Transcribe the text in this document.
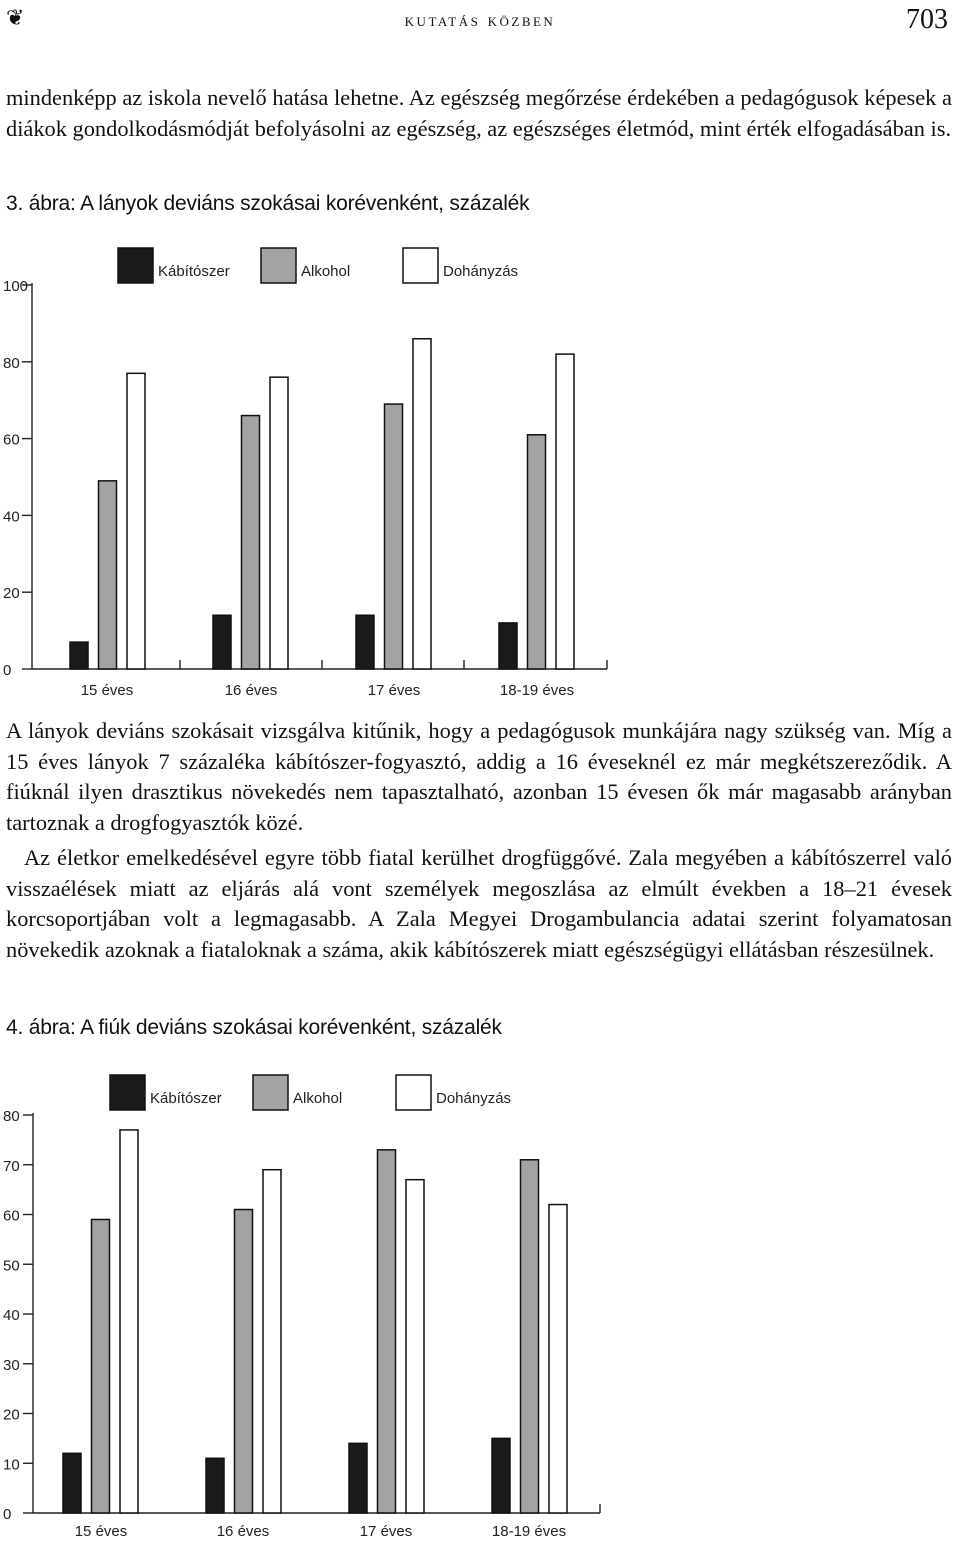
❦	kutatás közben	703

mindenképp az iskola nevelő hatása lehetne. Az egészség megőrzése érdekében a pedagógusok képesek a diákok gondolkodásmódját befolyásolni az egészség, az egészséges életmód, mint érték elfogadásában is.

3. ábra: A lányok deviáns szokásai korévenként, százalék
0
20
40
60
80
100
15 éves	16 éves	17 éves	18-19 éves
Kábítószer	Alkohol	Dohányzás

A lányok deviáns szokásait vizsgálva kitűnik, hogy a pedagógusok munkájára nagy szükség van. Míg a 15 éves lányok 7 százaléka kábítószer-fogyasztó, addig a 16 éveseknél ez már megkétszereződik. A fiúknál ilyen drasztikus növekedés nem tapasztalható, azonban 15 évesen ők már magasabb arányban tartoznak a drogfogyasztók közé.

Az életkor emelkedésével egyre több fiatal kerülhet drogfüggővé. Zala megyében a kábítószerrel való visszaélések miatt az eljárás alá vont személyek megoszlása az elmúlt években a 18–21 évesek korcsoportjában volt a legmagasabb. A Zala Megyei Drogambulancia adatai szerint folyamatosan növekedik azoknak a fiataloknak a száma, akik kábítószerek miatt egészségügyi ellátásban részesülnek.

4. ábra: A fiúk deviáns szokásai korévenként, százalék
0
10
20
30
40
50
60
70
80
15 éves	16 éves	17 éves	18-19 éves
Kábítószer	Alkohol	Dohányzás
